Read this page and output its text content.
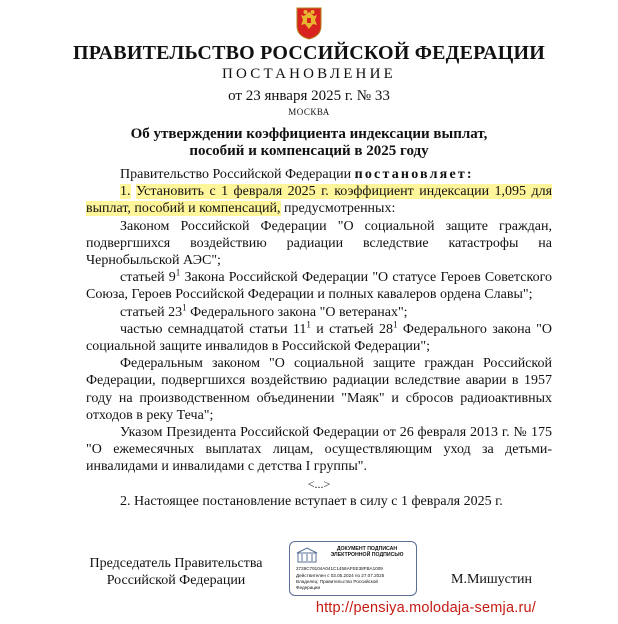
ПРАВИТЕЛЬСТВО РОССИЙСКОЙ ФЕДЕРАЦИИ
ПОСТАНОВЛЕНИЕ
от 23 января 2025 г. № 33
МОСКВА
Об утверждении коэффициента индексации выплат,
пособий и компенсаций в 2025 году

Правительство Российской Федерации постановляет:

1. Установить с 1 февраля 2025 г. коэффициент индексации 1,095 для выплат, пособий и компенсаций, предусмотренных:

Законом Российской Федерации "О социальной защите граждан, подвергшихся воздействию радиации вследствие катастрофы на Чернобыльской АЭС";

статьей $9^1$ Закона Российской Федерации "О статусе Героев Советского Союза, Героев Российской Федерации и полных кавалеров ордена Славы";

статьей $23^1$ Федерального закона "О ветеранах";

частью семнадцатой статьи $11^1$ и статьей $28^1$ Федерального закона "О социальной защите инвалидов в Российской Федерации";

Федеральным законом "О социальной защите граждан Российской Федерации, подвергшихся воздействию радиации вследствие аварии в 1957 году на производственном объединении "Маяк" и сбросов радиоактивных отходов в реку Теча";

Указом Президента Российской Федерации от 26 февраля 2013 г. № 175 "О ежемесячных выплатах лицам, осуществляющим уход за детьми-инвалидами и инвалидами с детства I группы".

<...>

2. Настоящее постановление вступает в силу с 1 февраля 2025 г.

Председатель Правительства
Российской Федерации
ДОКУМЕНТ ПОДПИСАН
ЭЛЕКТРОННОЙ ПОДПИСЬЮ
2728C79104A041C1458AFEE38FBA1009
Действителен с 03.05.2024 по 27.07.2025
Владелец: Правительство Российской
Федерации
М.Мишустин
http://pensiya.molodaja-semja.ru/
